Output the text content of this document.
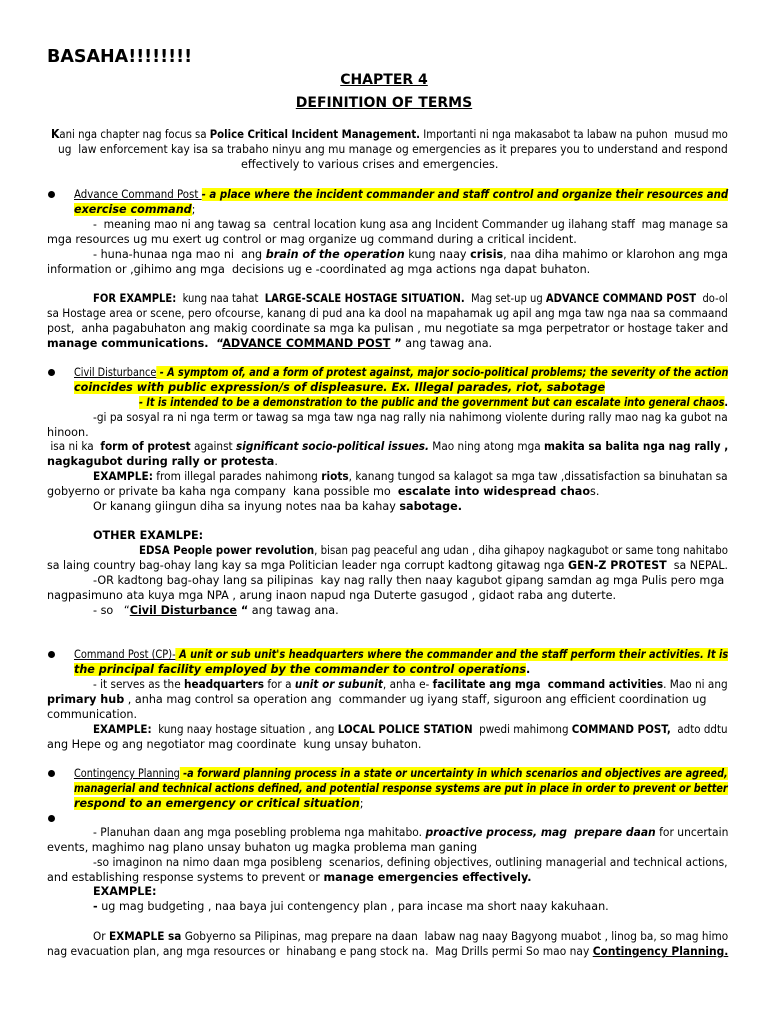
BASAHA!!!!!!!!
CHAPTER 4
DEFINITION OF TERMS
Kani nga chapter nag focus sa Police Critical Incident Management. Importanti ni nga makasabot ta labaw na puhon  musud mo
ug  law enforcement kay isa sa trabaho ninyu ang mu manage og emergencies as it prepares you to understand and respond
effectively to various crises and emergencies.
Advance Command Post - a place where the incident commander and staff control and organize their resources and
exercise command;
-  meaning mao ni ang tawag sa  central location kung asa ang Incident Commander ug ilahang staff  mag manage sa
mga resources ug mu exert ug control or mag organize ug command during a critical incident.
- huna-hunaa nga mao ni  ang brain of the operation kung naay crisis, naa diha mahimo or klarohon ang mga
information or ,gihimo ang mga  decisions ug e -coordinated ag mga actions nga dapat buhaton.
FOR EXAMPLE:  kung naa tahat  LARGE-SCALE HOSTAGE SITUATION.  Mag set-up ug ADVANCE COMMAND POST  do-ol
sa Hostage area or scene, pero ofcourse, kanang di pud ana ka dool na mapahamak ug apil ang mga taw nga naa sa commaand
post,  anha pagabuhaton ang makig coordinate sa mga ka pulisan , mu negotiate sa mga perpetrator or hostage taker and
manage communications.  “ADVANCE COMMAND POST ” ang tawag ana.
Civil Disturbance - A symptom of, and a form of protest against, major socio-political problems; the severity of the action
coincides with public expression/s of displeasure. Ex. Illegal parades, riot, sabotage
- It is intended to be a demonstration to the public and the government but can escalate into general chaos.
-gi pa sosyal ra ni nga term or tawag sa mga taw nga nag rally nia nahimong violente during rally mao nag ka gubot na
hinoon.
isa ni ka  form of protest against significant socio-political issues. Mao ning atong mga makita sa balita nga nag rally ,
nagkagubot during rally or protesta.
EXAMPLE: from illegal parades nahimong riots, kanang tungod sa kalagot sa mga taw ,dissatisfaction sa binuhatan sa
gobyerno or private ba kaha nga company  kana possible mo  escalate into widespread chaos.
Or kanang giingun diha sa inyung notes naa ba kahay sabotage.
OTHER EXAMLPE:
EDSA People power revolution, bisan pag peaceful ang udan , diha gihapoy nagkagubot or same tong nahitabo
sa laing country bag-ohay lang kay sa mga Politician leader nga corrupt kadtong gitawag nga GEN-Z PROTEST  sa NEPAL.
-OR kadtong bag-ohay lang sa pilipinas  kay nag rally then naay kagubot gipang samdan ag mga Pulis pero mga
nagpasimuno ata kuya mga NPA , arung inaon napud nga Duterte gasugod , gidaot raba ang duterte.
- so   “Civil Disturbance “ ang tawag ana.
Command Post (CP)- A unit or sub unit's headquarters where the commander and the staff perform their activities. It is
the principal facility employed by the commander to control operations.
- it serves as the headquarters for a unit or subunit, anha e- facilitate ang mga  command activities. Mao ni ang
primary hub , anha mag control sa operation ang  commander ug iyang staff, siguroon ang efficient coordination ug
communication.
EXAMPLE:  kung naay hostage situation , ang LOCAL POLICE STATION  pwedi mahimong COMMAND POST,  adto ddtu
ang Hepe og ang negotiator mag coordinate  kung unsay buhaton.
Contingency Planning -a forward planning process in a state or uncertainty in which scenarios and objectives are agreed,
managerial and technical actions defined, and potential response systems are put in place in order to prevent or better
respond to an emergency or critical situation;
- Planuhan daan ang mga posebling problema nga mahitabo. proactive process, mag  prepare daan for uncertain
events, maghimo nag plano unsay buhaton ug magka problema man ganing
-so imaginon na nimo daan mga posibleng  scenarios, defining objectives, outlining managerial and technical actions,
and establishing response systems to prevent or manage emergencies effectively.
EXAMPLE:
- ug mag budgeting , naa baya jui contengency plan , para incase ma short naay kakuhaan.
Or EXMAPLE sa Gobyerno sa Pilipinas, mag prepare na daan  labaw nag naay Bagyong muabot , linog ba, so mag himo
nag evacuation plan, ang mga resources or  hinabang e pang stock na.  Mag Drills permi So mao nay Contingency Planning.
